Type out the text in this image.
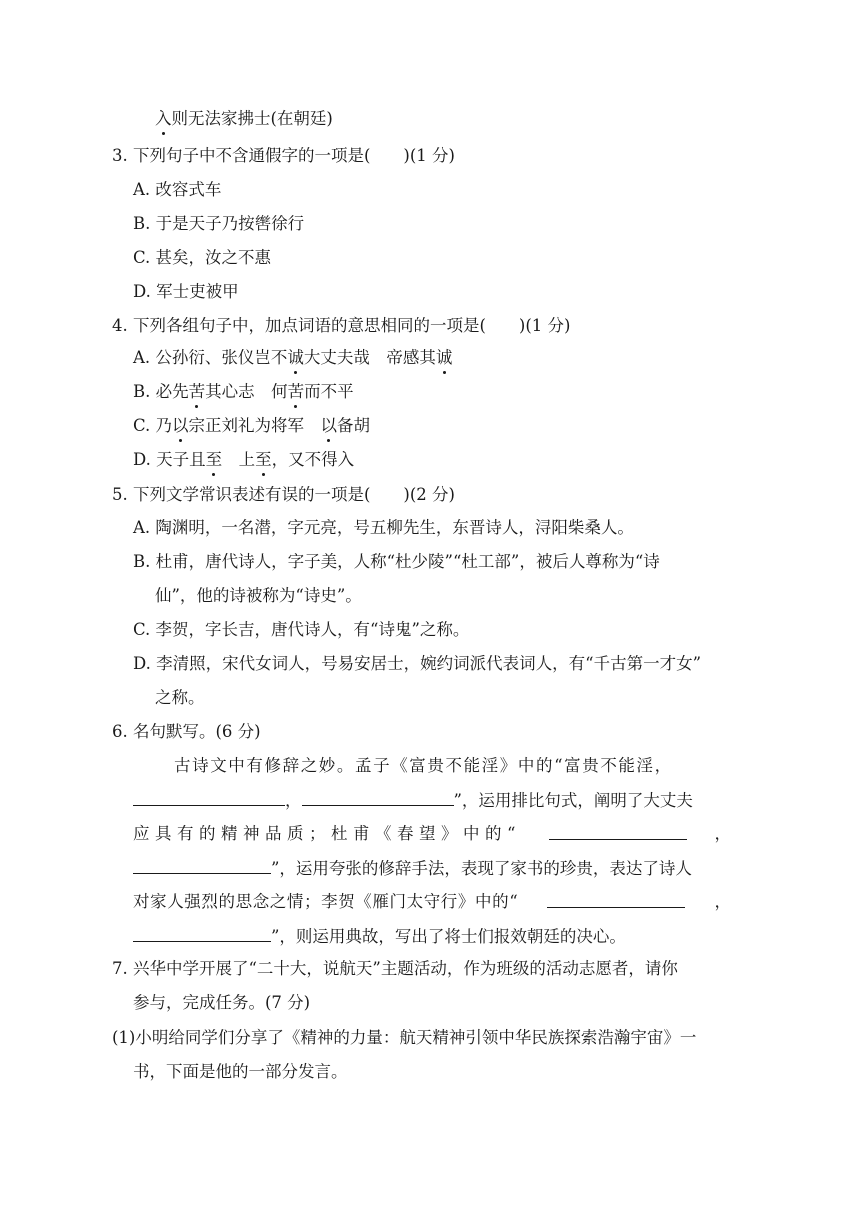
入则无法家拂士(在朝廷)
3. 下列句子中不含通假字的一项是(　　)(1 分)
A. 改容式车
B. 于是天子乃按辔徐行
C. 甚矣，汝之不惠
D. 军士吏被甲
4. 下列各组句子中，加点词语的意思相同的一项是(　　)(1 分)
A. 公孙衍、张仪岂不诚大丈夫哉　帝感其诚
B. 必先苦其心志　何苦而不平
C. 乃以宗正刘礼为将军　以备胡
D. 天子且至　上至，又不得入
5. 下列文学常识表述有误的一项是(　　)(2 分)
A. 陶渊明，一名潜，字元亮，号五柳先生，东晋诗人，浔阳柴桑人。
B. 杜甫，唐代诗人，字子美，人称“杜少陵”“杜工部”，被后人尊称为“诗
仙”，他的诗被称为“诗史”。
C. 李贺，字长吉，唐代诗人，有“诗鬼”之称。
D. 李清照，宋代女词人，号易安居士，婉约词派代表词人，有“千古第一才女”
之称。
6. 名句默写。(6 分)
古诗文中有修辞之妙。孟子《富贵不能淫》中的“富贵不能淫，
，	”，运用排比句式，阐明了大丈夫
应具有的精神品质；杜甫《春望》中的“	，
”，运用夸张的修辞手法，表现了家书的珍贵，表达了诗人
对家人强烈的思念之情；李贺《雁门太守行》中的“	，
”，则运用典故，写出了将士们报效朝廷的决心。
7. 兴华中学开展了“二十大，说航天”主题活动，作为班级的活动志愿者，请你
参与，完成任务。(7 分)
(1)小明给同学们分享了《精神的力量：航天精神引领中华民族探索浩瀚宇宙》一
书，下面是他的一部分发言。
